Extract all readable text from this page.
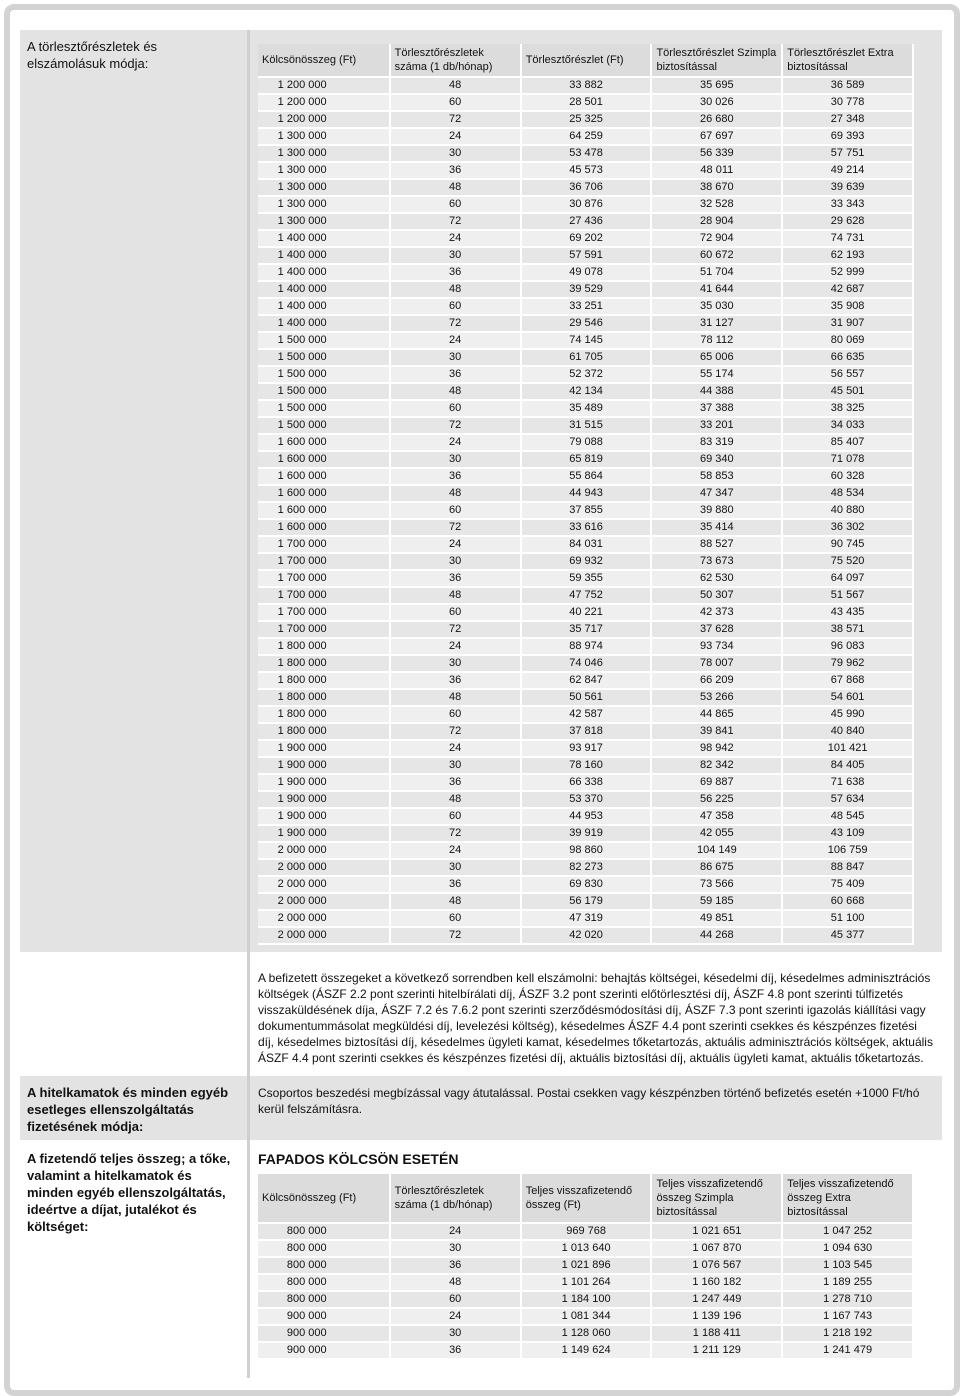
A törlesztőrészletek és elszámolásuk módja:
A hitelkamatok és minden egyéb esetleges ellenszolgáltatás fizetésének módja:
A fizetendő teljes összeg; a tőke, valamint a hitelkamatok és minden egyéb ellenszolgáltatás, ideértve a díjat, jutalékot és költséget:
Kölcsönösszeg (Ft)	Törlesztőrészletek száma (1 db/hónap)	Törlesztőrészlet (Ft)	Törlesztőrészlet Szimpla biztosítással	Törlesztőrészlet Extra biztosítással
1 200 000	48	33 882	35 695	36 589
1 200 000	60	28 501	30 026	30 778
1 200 000	72	25 325	26 680	27 348
1 300 000	24	64 259	67 697	69 393
1 300 000	30	53 478	56 339	57 751
1 300 000	36	45 573	48 011	49 214
1 300 000	48	36 706	38 670	39 639
1 300 000	60	30 876	32 528	33 343
1 300 000	72	27 436	28 904	29 628
1 400 000	24	69 202	72 904	74 731
1 400 000	30	57 591	60 672	62 193
1 400 000	36	49 078	51 704	52 999
1 400 000	48	39 529	41 644	42 687
1 400 000	60	33 251	35 030	35 908
1 400 000	72	29 546	31 127	31 907
1 500 000	24	74 145	78 112	80 069
1 500 000	30	61 705	65 006	66 635
1 500 000	36	52 372	55 174	56 557
1 500 000	48	42 134	44 388	45 501
1 500 000	60	35 489	37 388	38 325
1 500 000	72	31 515	33 201	34 033
1 600 000	24	79 088	83 319	85 407
1 600 000	30	65 819	69 340	71 078
1 600 000	36	55 864	58 853	60 328
1 600 000	48	44 943	47 347	48 534
1 600 000	60	37 855	39 880	40 880
1 600 000	72	33 616	35 414	36 302
1 700 000	24	84 031	88 527	90 745
1 700 000	30	69 932	73 673	75 520
1 700 000	36	59 355	62 530	64 097
1 700 000	48	47 752	50 307	51 567
1 700 000	60	40 221	42 373	43 435
1 700 000	72	35 717	37 628	38 571
1 800 000	24	88 974	93 734	96 083
1 800 000	30	74 046	78 007	79 962
1 800 000	36	62 847	66 209	67 868
1 800 000	48	50 561	53 266	54 601
1 800 000	60	42 587	44 865	45 990
1 800 000	72	37 818	39 841	40 840
1 900 000	24	93 917	98 942	101 421
1 900 000	30	78 160	82 342	84 405
1 900 000	36	66 338	69 887	71 638
1 900 000	48	53 370	56 225	57 634
1 900 000	60	44 953	47 358	48 545
1 900 000	72	39 919	42 055	43 109
2 000 000	24	98 860	104 149	106 759
2 000 000	30	82 273	86 675	88 847
2 000 000	36	69 830	73 566	75 409
2 000 000	48	56 179	59 185	60 668
2 000 000	60	47 319	49 851	51 100
2 000 000	72	42 020	44 268	45 377
A befizetett összegeket a következő sorrendben kell elszámolni: behajtás költségei, késedelmi díj, késedelmes adminisztrációs költségek (ÁSZF 2.2 pont szerinti hitelbírálati díj, ÁSZF 3.2 pont szerinti előtörlesztési díj, ÁSZF 4.8 pont szerinti túlfizetés visszaküldésének díja, ÁSZF 7.2 és 7.6.2 pont szerinti szerződésmódosítási díj, ÁSZF 7.3 pont szerinti igazolás kiállítási vagy dokumentummásolat megküldési díj, levelezési költség), késedelmes ÁSZF 4.4 pont szerinti csekkes és készpénzes fizetési díj, késedelmes biztosítási díj, késedelmes ügyleti kamat, késedelmes tőketartozás, aktuális adminisztrációs költségek, aktuális ÁSZF 4.4 pont szerinti csekkes és készpénzes fizetési díj, aktuális biztosítási díj, aktuális ügyleti kamat, aktuális tőketartozás.
Csoportos beszedési megbízással vagy átutalással. Postai csekken vagy készpénzben történő befizetés esetén +1000 Ft/hó kerül felszámításra.
FAPADOS KÖLCSÖN ESETÉN
Kölcsönösszeg (Ft)	Törlesztőrészletek száma (1 db/hónap)	Teljes visszafizetendő összeg (Ft)	Teljes visszafizetendő összeg Szimpla biztosítással	Teljes visszafizetendő összeg Extra biztosítással
800 000	24	969 768	1 021 651	1 047 252
800 000	30	1 013 640	1 067 870	1 094 630
800 000	36	1 021 896	1 076 567	1 103 545
800 000	48	1 101 264	1 160 182	1 189 255
800 000	60	1 184 100	1 247 449	1 278 710
900 000	24	1 081 344	1 139 196	1 167 743
900 000	30	1 128 060	1 188 411	1 218 192
900 000	36	1 149 624	1 211 129	1 241 479
